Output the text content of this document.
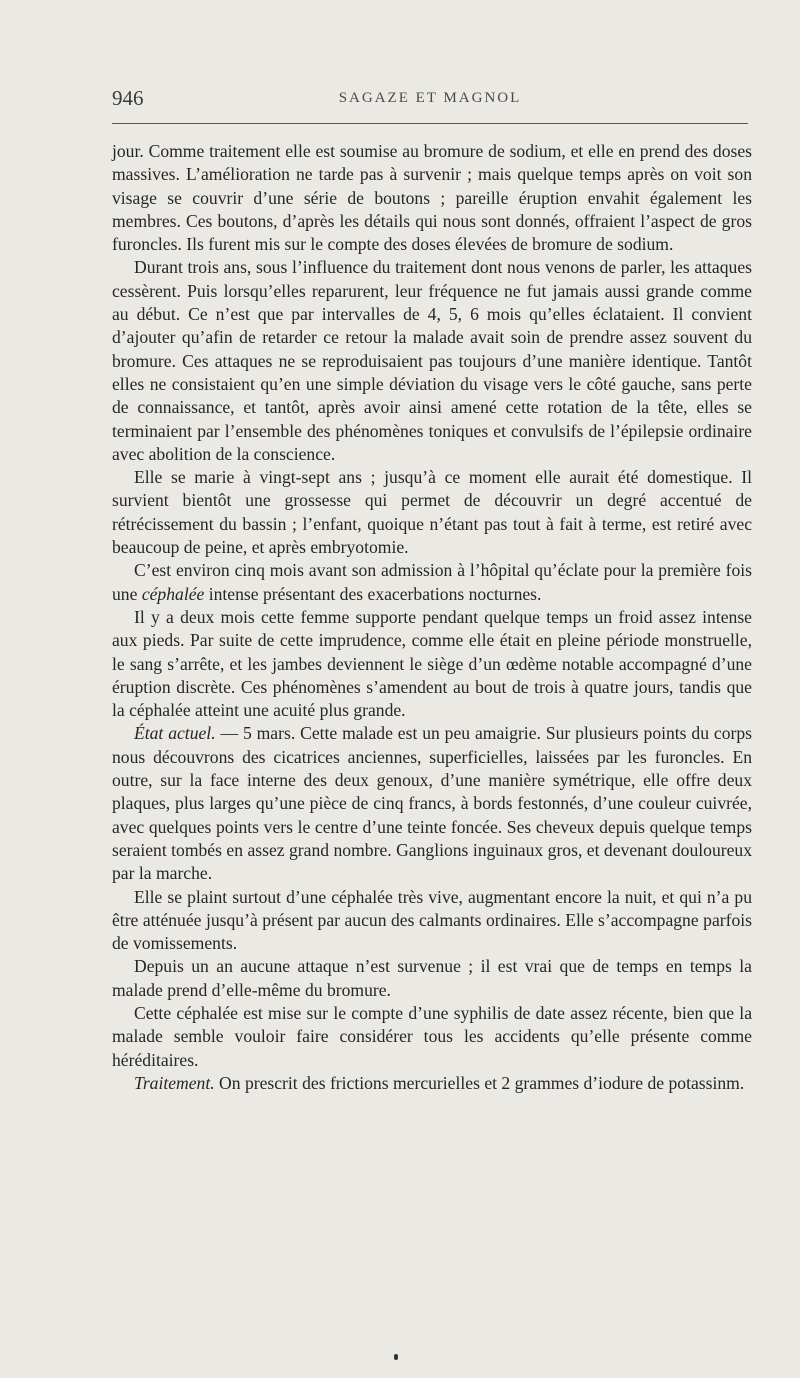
946	SAGAZE ET MAGNOL

jour. Comme traitement elle est soumise au bromure de sodium, et elle en prend des doses massives. L’amélioration ne tarde pas à survenir ; mais quelque temps après on voit son visage se couvrir d’une série de boutons ; pareille éruption envahit également les membres. Ces boutons, d’après les détails qui nous sont donnés, offraient l’aspect de gros furoncles. Ils furent mis sur le compte des doses élevées de bromure de sodium.

Durant trois ans, sous l’influence du traitement dont nous venons de parler, les attaques cessèrent. Puis lorsqu’elles reparurent, leur fréquence ne fut jamais aussi grande comme au début. Ce n’est que par intervalles de 4, 5, 6 mois qu’elles éclataient. Il convient d’ajouter qu’afin de retarder ce retour la malade avait soin de prendre assez souvent du bromure. Ces attaques ne se reproduisaient pas toujours d’une manière identique. Tantôt elles ne consistaient qu’en une simple déviation du visage vers le côté gauche, sans perte de connaissance, et tantôt, après avoir ainsi amené cette rotation de la tête, elles se terminaient par l’ensemble des phénomènes toniques et convulsifs de l’épilepsie ordinaire avec abolition de la conscience.

Elle se marie à vingt-sept ans ; jusqu’à ce moment elle aurait été domestique. Il survient bientôt une grossesse qui permet de découvrir un degré accentué de rétrécissement du bassin ; l’enfant, quoique n’étant pas tout à fait à terme, est retiré avec beaucoup de peine, et après embryotomie.

C’est environ cinq mois avant son admission à l’hôpital qu’éclate pour la première fois une céphalée intense présentant des exacerbations nocturnes.

Il y a deux mois cette femme supporte pendant quelque temps un froid assez intense aux pieds. Par suite de cette imprudence, comme elle était en pleine période monstruelle, le sang s’arrête, et les jambes deviennent le siège d’un œdème notable accompagné d’une éruption discrète. Ces phénomènes s’amendent au bout de trois à quatre jours, tandis que la céphalée atteint une acuité plus grande.

État actuel. — 5 mars. Cette malade est un peu amaigrie. Sur plusieurs points du corps nous découvrons des cicatrices anciennes, superficielles, laissées par les furoncles. En outre, sur la face interne des deux genoux, d’une manière symétrique, elle offre deux plaques, plus larges qu’une pièce de cinq francs, à bords festonnés, d’une couleur cuivrée, avec quelques points vers le centre d’une teinte foncée. Ses cheveux depuis quelque temps seraient tombés en assez grand nombre. Ganglions inguinaux gros, et devenant douloureux par la marche.

Elle se plaint surtout d’une céphalée très vive, augmentant encore la nuit, et qui n’a pu être atténuée jusqu’à présent par aucun des calmants ordinaires. Elle s’accompagne parfois de vomissements.

Depuis un an aucune attaque n’est survenue ; il est vrai que de temps en temps la malade prend d’elle-même du bromure.

Cette céphalée est mise sur le compte d’une syphilis de date assez récente, bien que la malade semble vouloir faire considérer tous les accidents qu’elle présente comme héréditaires.

Traitement. On prescrit des frictions mercurielles et 2 grammes d’iodure de potassinm.
